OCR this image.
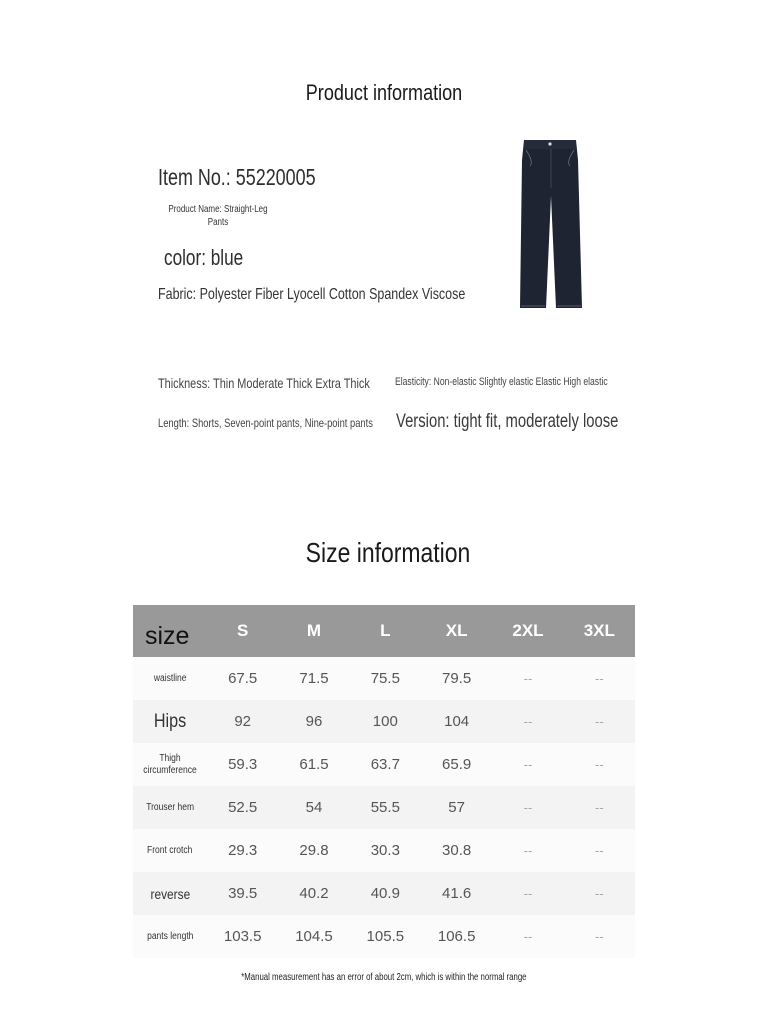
Product information
Item No.: 55220005
Product Name: Straight-Leg Pants
color: blue
Fabric: Polyester Fiber Lyocell Cotton Spandex Viscose
Thickness: Thin Moderate Thick Extra Thick	Elasticity: Non-elastic Slightly elastic Elastic High elastic
Length: Shorts, Seven-point pants, Nine-point pants	Version: tight fit, moderately loose
Size information
size	S	M	L	XL	2XL	3XL
waistline	67.5	71.5	75.5	79.5	--	--
Hips	92	96	100	104	--	--
Thigh circumference	59.3	61.5	63.7	65.9	--	--
Trouser hem	52.5	54	55.5	57	--	--
Front crotch	29.3	29.8	30.3	30.8	--	--
reverse	39.5	40.2	40.9	41.6	--	--
pants length	103.5	104.5	105.5	106.5	--	--
*Manual measurement has an error of about 2cm, which is within the normal range
